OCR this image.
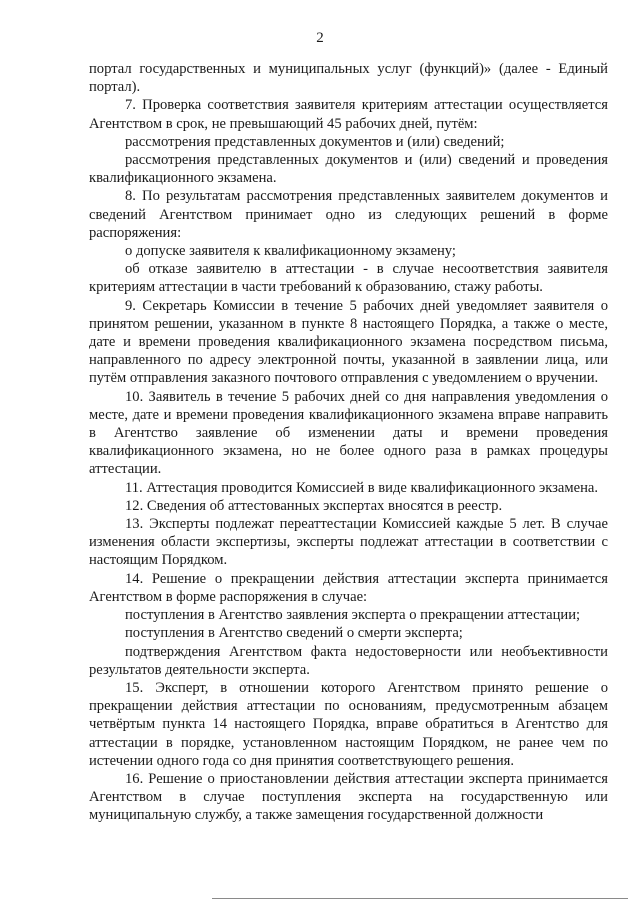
2

портал государственных и муниципальных услуг (функций)» (далее - Единый портал).

7. Проверка соответствия заявителя критериям аттестации осуществляется Агентством в срок, не превышающий 45 рабочих дней, путём:

рассмотрения представленных документов и (или) сведений;

рассмотрения представленных документов и (или) сведений и проведения квалификационного экзамена.

8. По результатам рассмотрения представленных заявителем документов и сведений Агентством принимает одно из следующих решений в форме распоряжения:

о допуске заявителя к квалификационному экзамену;

об отказе заявителю в аттестации - в случае несоответствия заявителя критериям аттестации в части требований к образованию, стажу работы.

9. Секретарь Комиссии в течение 5 рабочих дней уведомляет заявителя о принятом решении, указанном в пункте 8 настоящего Порядка, а также о месте, дате и времени проведения квалификационного экзамена посредством письма, направленного по адресу электронной почты, указанной в заявлении лица, или путём отправления заказного почтового отправления с уведомлением о вручении.

10. Заявитель в течение 5 рабочих дней со дня направления уведомления о месте, дате и времени проведения квалификационного экзамена вправе направить в Агентство заявление об изменении даты и времени проведения квалификационного экзамена, но не более одного раза в рамках процедуры аттестации.

11. Аттестация проводится Комиссией в виде квалификационного экзамена.

12. Сведения об аттестованных экспертах вносятся в реестр.

13. Эксперты подлежат переаттестации Комиссией каждые 5 лет. В случае изменения области экспертизы, эксперты подлежат аттестации в соответствии с настоящим Порядком.

14. Решение о прекращении действия аттестации эксперта принимается Агентством в форме распоряжения в случае:

поступления в Агентство заявления эксперта о прекращении аттестации;

поступления в Агентство сведений о смерти эксперта;

подтверждения Агентством факта недостоверности или необъективности результатов деятельности эксперта.

15. Эксперт, в отношении которого Агентством принято решение о прекращении действия аттестации по основаниям, предусмотренным абзацем четвёртым пункта 14 настоящего Порядка, вправе обратиться в Агентство для аттестации в порядке, установленном настоящим Порядком, не ранее чем по истечении одного года со дня принятия соответствующего решения.

16. Решение о приостановлении действия аттестации эксперта принимается Агентством в случае поступления эксперта на государственную или муниципальную службу, а также замещения государственной должности
